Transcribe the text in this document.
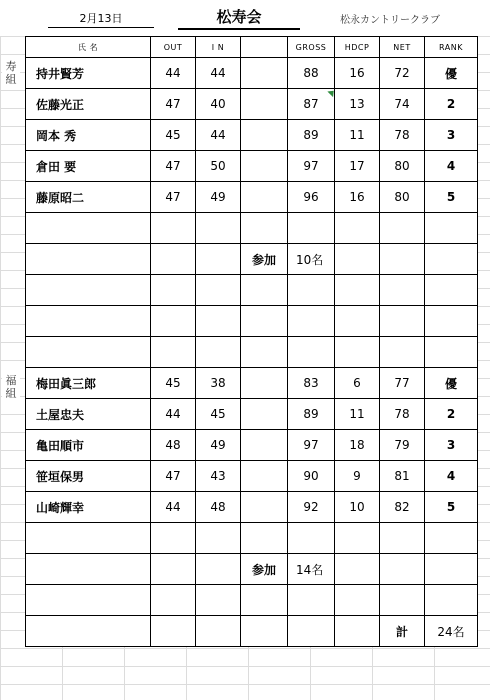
2月13日	松寿会	松永カントリークラブ
寿組
福組
氏 名	OUT	I N		GROSS	HDCP	NET	RANK
持井賢芳	44	44		88	16	72	優
佐藤光正	47	40		87	13	74	2
岡本 秀	45	44		89	11	78	3
倉田 要	47	50		97	17	80	4
藤原昭二	47	49		96	16	80	5

			参加	10名			

梅田眞三郎	45	38		83	6	77	優
土屋忠夫	44	45		89	11	78	2
亀田順市	48	49		97	18	79	3
笹垣保男	47	43		90	9	81	4
山崎輝幸	44	48		92	10	82	5

			参加	14名			

						計	24名
